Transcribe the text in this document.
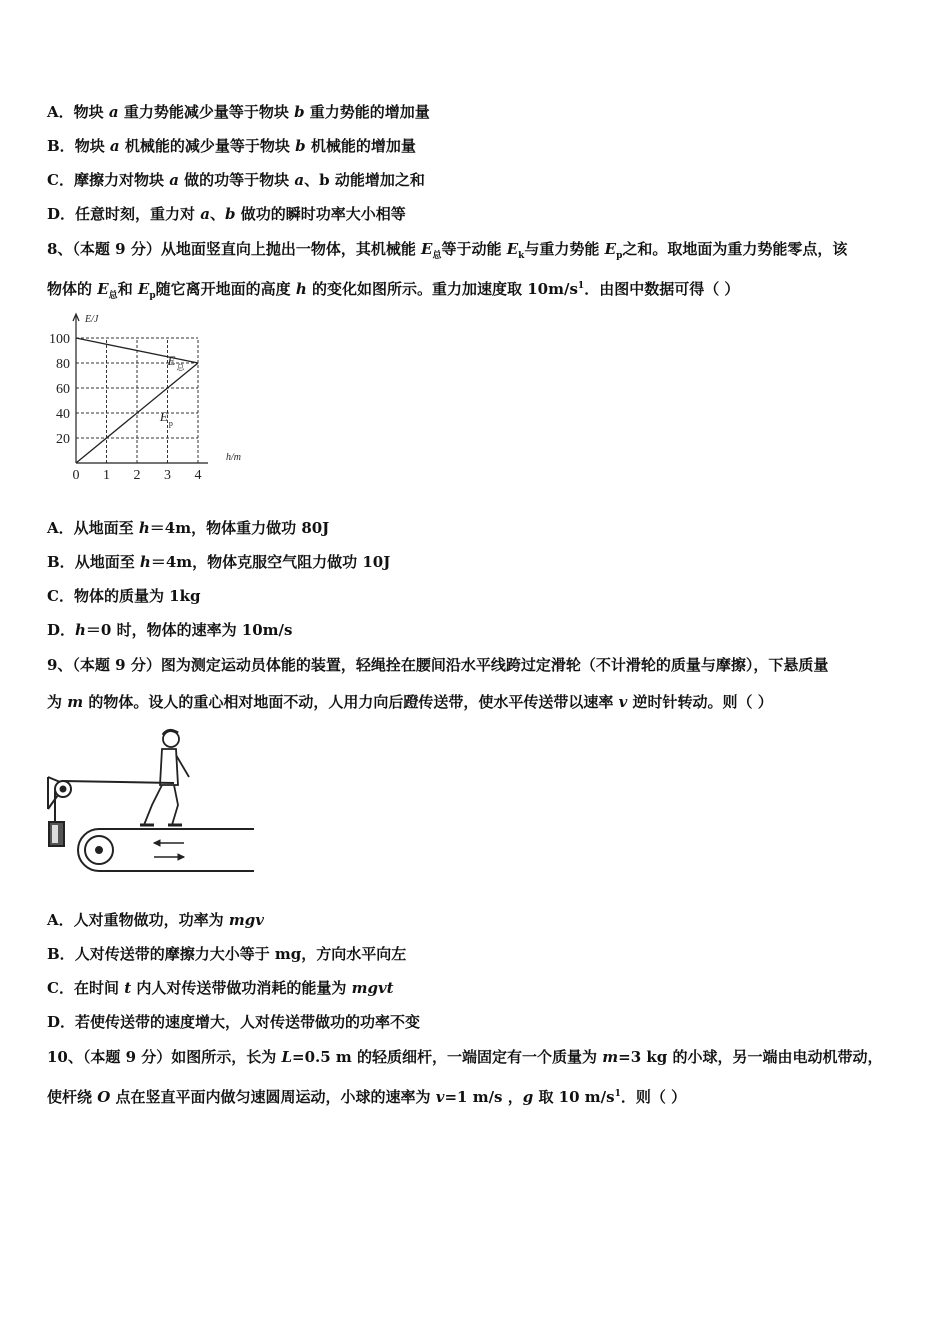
A．物块 a 重力势能减少量等于物块 b 重力势能的增加量
B．物块 a 机械能的减少量等于物块 b 机械能的增加量
C．摩擦力对物块 a 做的功等于物块 a、b 动能增加之和
D．任意时刻，重力对 a、b 做功的瞬时功率大小相等
8、（本题 9 分）从地面竖直向上抛出一物体，其机械能 $E_总$等于动能 $E_k$与重力势能 $E_p$之和。取地面为重力势能零点，该
物体的 $E_总$和 $E_p$随它离开地面的高度 h 的变化如图所示。重力加速度取 $10m/s^1$．由图中数据可得（ ）
E/J
h/m
20
40
60
80
100
0 1 2 3 4
E 总
E p
A．从地面至 h＝4m，物体重力做功 80J
B．从地面至 h＝4m，物体克服空气阻力做功 10J
C．物体的质量为 1kg
D．h＝0 时，物体的速率为 10m/s
9、（本题 9 分）图为测定运动员体能的装置，轻绳拴在腰间沿水平线跨过定滑轮（不计滑轮的质量与摩擦），下悬质量
为 m 的物体。设人的重心相对地面不动，人用力向后蹬传送带，使水平传送带以速率 v 逆时针转动。则（ ）
A．人对重物做功，功率为 mgv
B．人对传送带的摩擦力大小等于 mg，方向水平向左
C．在时间 t 内人对传送带做功消耗的能量为 mgvt
D．若使传送带的速度增大，人对传送带做功的功率不变
10、（本题 9 分）如图所示，长为 L=0.5 m 的轻质细杆，一端固定有一个质量为 m=3 kg 的小球，另一端由电动机带动，
使杆绕 O 点在竖直平面内做匀速圆周运动，小球的速率为 v=1 m/s ，g 取 10 $m/s^1$．则（ ）
